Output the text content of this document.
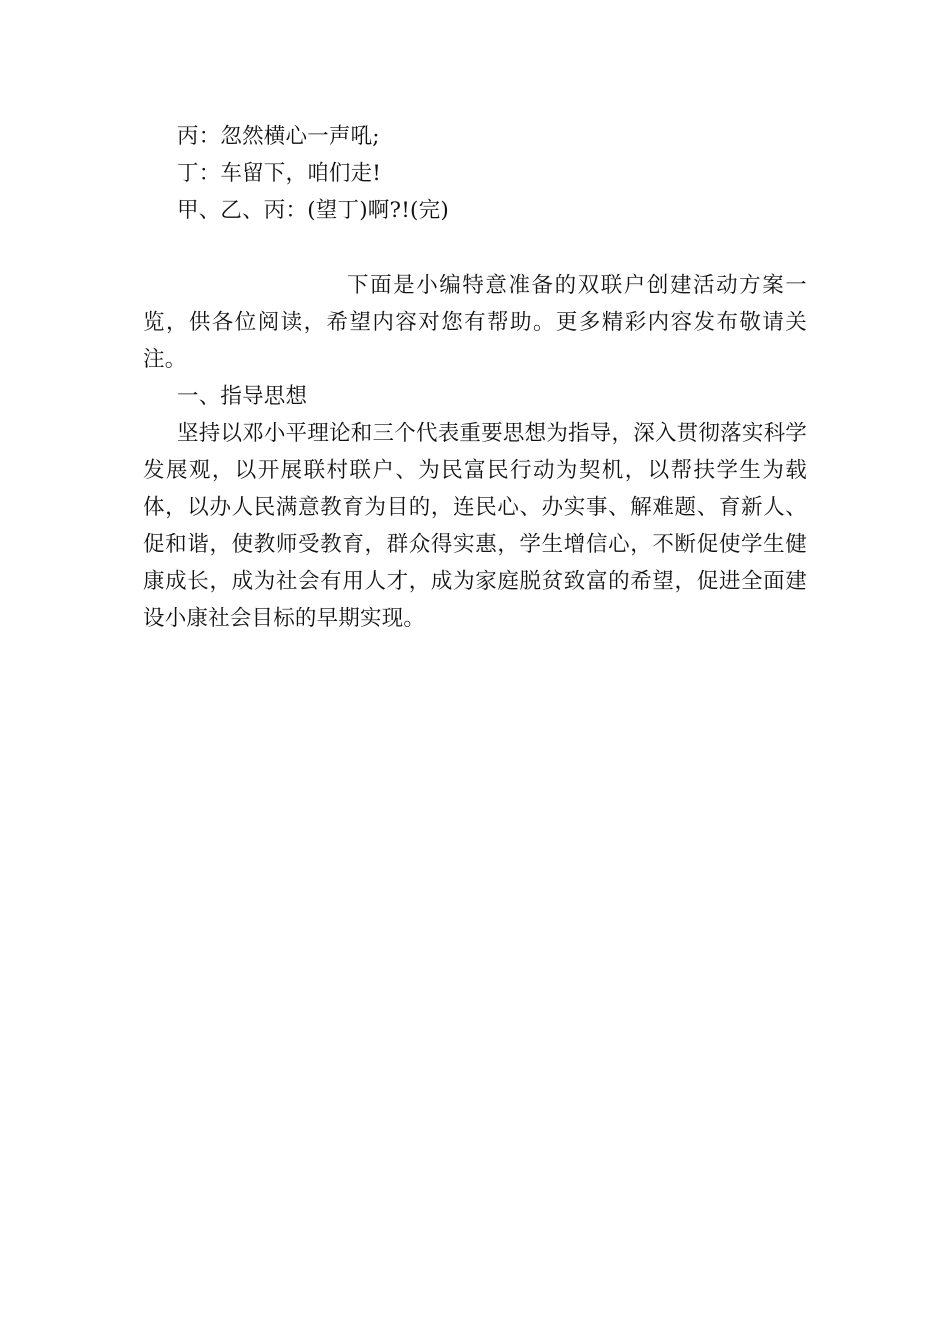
丙：忽然横心一声吼;

丁：车留下，咱们走!

甲、乙、丙：(望丁)啊?!(完)

下面是小编特意准备的双联户创建活动方案一览，供各位阅读，希望内容对您有帮助。更多精彩内容发布敬请关注。

一、指导思想

坚持以邓小平理论和三个代表重要思想为指导，深入贯彻落实科学发展观，以开展联村联户、为民富民行动为契机，以帮扶学生为载体，以办人民满意教育为目的，连民心、办实事、解难题、育新人、促和谐，使教师受教育，群众得实惠，学生增信心，不断促使学生健康成长，成为社会有用人才，成为家庭脱贫致富的希望，促进全面建设小康社会目标的早期实现。
